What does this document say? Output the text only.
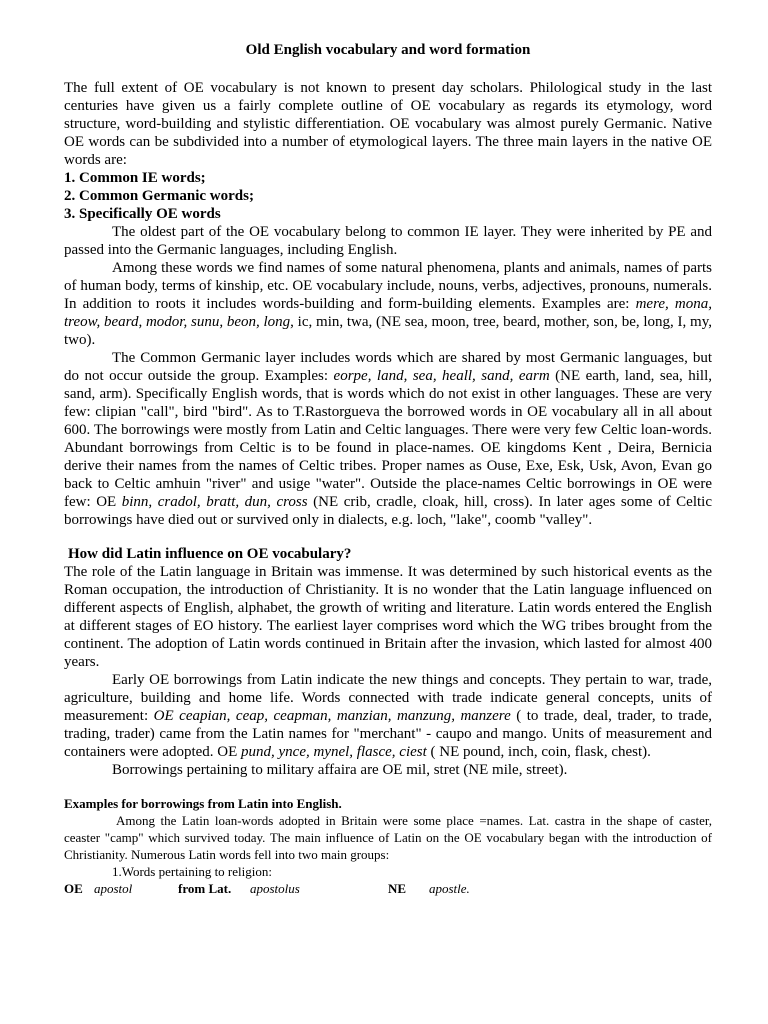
Old English vocabulary and word formation

The full extent of OE vocabulary is not known to present day scholars. Philological study in the last centuries have given us a fairly complete outline of OE vocabulary as regards its etymology, word structure, word-building and stylistic differentiation. OE vocabulary was almost purely Germanic. Native OE words can be subdivided into a number of etymological layers. The three main layers in the native OE words are:

1. Common IE words;
2. Common Germanic words;
3. Specifically OE words

The oldest part of the OE vocabulary belong to common IE layer. They were inherited by PE and passed into the Germanic languages, including English.

Among these words we find names of some natural phenomena, plants and animals, names of parts of human body, terms of kinship, etc. OE vocabulary include, nouns, verbs, adjectives, pronouns, numerals. In addition to roots it includes words-building and form-building elements. Examples are: mere, mona, treow, beard, modor, sunu, beon, long, ic, min, twa, (NE sea, moon, tree, beard, mother, son, be, long, I, my, two).

The Common Germanic layer includes words which are shared by most Germanic languages, but do not occur outside the group. Examples: eorpe, land, sea, heall, sand, earm (NE earth, land, sea, hill, sand, arm). Specifically English words, that is words which do not exist in other languages. These are very few: clipian "call", bird "bird". As to T.Rastorgueva the borrowed words in OE vocabulary all in all about 600. The borrowings were mostly from Latin and Celtic languages. There were very few Celtic loan-words. Abundant borrowings from Celtic is to be found in place-names. OE kingdoms Kent , Deira, Bernicia derive their names from the names of Celtic tribes. Proper names as Ouse, Exe, Esk, Usk, Avon, Evan go back to Celtic amhuin "river" and usige "water". Outside the place-names Celtic borrowings in OE were few: OE binn, cradol, bratt, dun, cross (NE crib, cradle, cloak, hill, cross). In later ages some of Celtic borrowings have died out or survived only in dialects, e.g. loch, "lake", coomb "valley".

How did Latin influence on OE vocabulary?

The role of the Latin language in Britain was immense. It was determined by such historical events as the Roman occupation, the introduction of Christianity. It is no wonder that the Latin language influenced on different aspects of English, alphabet, the growth of writing and literature. Latin words entered the English at different stages of EO history. The earliest layer comprises word which the WG tribes brought from the continent. The adoption of Latin words continued in Britain after the invasion, which lasted for almost 400 years.

Early OE borrowings from Latin indicate the new things and concepts. They pertain to war, trade, agriculture, building and home life. Words connected with trade indicate general concepts, units of measurement: OE ceapian, ceap, ceapman, manzian, manzung, manzere ( to trade, deal, trader, to trade, trading, trader) came from the Latin names for "merchant" - caupo and mango. Units of measurement and containers were adopted. OE pund, ynce, mynel, flasce, ciest ( NE pound, inch, coin, flask, chest).

Borrowings pertaining to military affaira are OE mil, stret (NE mile, street).

Examples for borrowings from Latin into English.

Among the Latin loan-words adopted in Britain were some place =names. Lat. castra in the shape of caster, ceaster "camp" which survived today. The main influence of Latin on the OE vocabulary began with the introduction of Christianity. Numerous Latin words fell into two main groups:

1.Words pertaining to religion:
OE apostol	from Lat. apostolus	NE apostle.
